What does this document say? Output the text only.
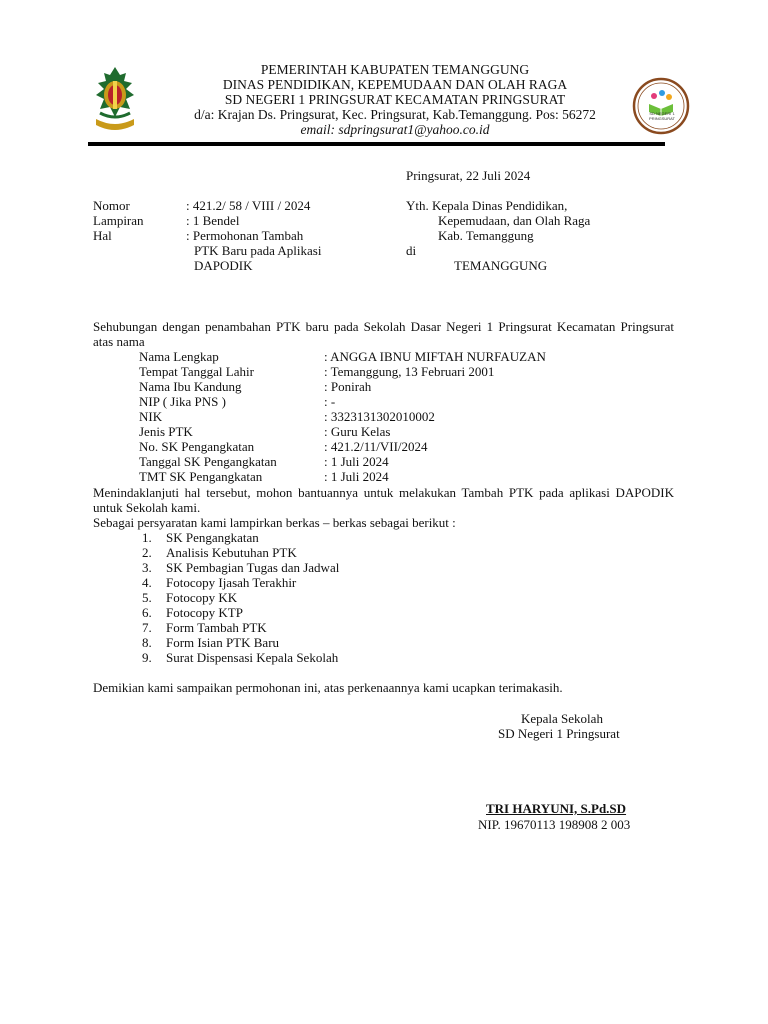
SD NEGERI 1 PRINGSURAT
PEMERINTAH KABUPATEN TEMANGGUNG
DINAS PENDIDIKAN, KEPEMUDAAN DAN OLAH RAGA
SD NEGERI 1 PRINGSURAT KECAMATAN PRINGSURAT
d/a: Krajan Ds. Pringsurat, Kec. Pringsurat, Kab.Temanggung. Pos: 56272
email: sdpringsurat1@yahoo.co.id
Pringsurat, 22 Juli 2024
Nomor	: 421.2/ 58 / VIII / 2024
Lampiran	: 1 Bendel
Hal	: Permohonan Tambah
PTK Baru pada Aplikasi
DAPODIK
Yth. Kepala Dinas Pendidikan,
Kepemudaan, dan Olah Raga
Kab. Temanggung
di
TEMANGGUNG
Sehubungan dengan penambahan PTK baru pada Sekolah Dasar Negeri 1 Pringsurat Kecamatan Pringsurat atas nama
Nama Lengkap	: ANGGA IBNU MIFTAH NURFAUZAN
Tempat Tanggal Lahir	: Temanggung, 13 Februari 2001
Nama Ibu Kandung	: Ponirah
NIP ( Jika PNS )	: -
NIK	: 3323131302010002
Jenis PTK	: Guru Kelas
No. SK Pengangkatan	: 421.2/11/VII/2024
Tanggal SK Pengangkatan	: 1 Juli 2024
TMT SK Pengangkatan	: 1 Juli 2024
Menindaklanjuti hal tersebut, mohon bantuannya untuk melakukan Tambah PTK pada aplikasi DAPODIK untuk Sekolah kami.
Sebagai persyaratan kami lampirkan berkas – berkas sebagai berikut :
1. SK Pengangkatan
2. Analisis Kebutuhan PTK
3. SK Pembagian Tugas dan Jadwal
4. Fotocopy Ijasah Terakhir
5. Fotocopy KK
6. Fotocopy KTP
7. Form Tambah PTK
8. Form Isian PTK Baru
9. Surat Dispensasi Kepala Sekolah
Demikian kami sampaikan permohonan ini, atas perkenaannya kami ucapkan terimakasih.
Kepala Sekolah
SD Negeri 1 Pringsurat
TRI HARYUNI, S.Pd.SD
NIP. 19670113 198908 2 003
